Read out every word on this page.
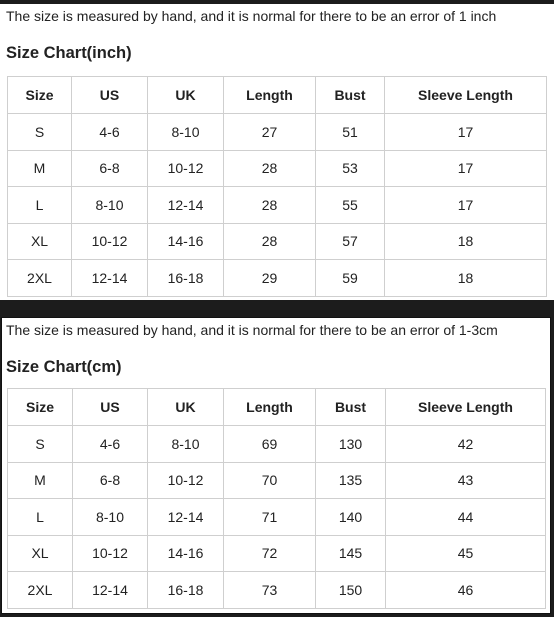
The size is measured by hand, and it is normal for there to be an error of 1 inch
Size Chart(inch)
Size	US	UK	Length	Bust	Sleeve Length
S	4-6	8-10	27	51	17
M	6-8	10-12	28	53	17
L	8-10	12-14	28	55	17
XL	10-12	14-16	28	57	18
2XL	12-14	16-18	29	59	18
The size is measured by hand, and it is normal for there to be an error of 1-3cm
Size Chart(cm)
Size	US	UK	Length	Bust	Sleeve Length
S	4-6	8-10	69	130	42
M	6-8	10-12	70	135	43
L	8-10	12-14	71	140	44
XL	10-12	14-16	72	145	45
2XL	12-14	16-18	73	150	46
